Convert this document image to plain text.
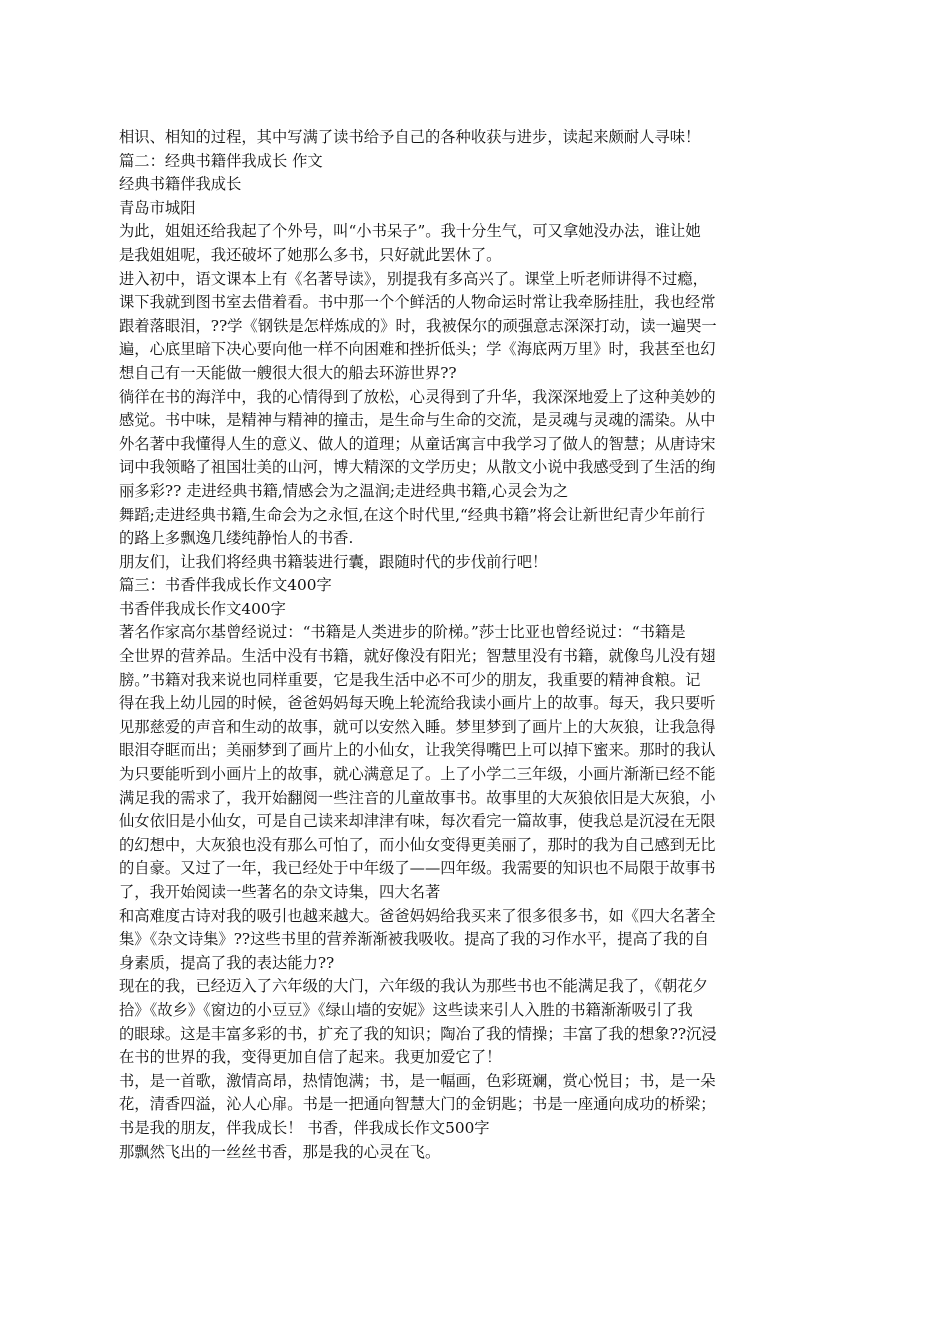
相识、相知的过程，其中写满了读书给予自己的各种收获与进步，读起来颇耐人寻味！

篇二：经典书籍伴我成长 作文

经典书籍伴我成长

青岛市城阳

为此，姐姐还给我起了个外号，叫“小书呆子”。我十分生气，可又拿她没办法，谁让她

是我姐姐呢，我还破坏了她那么多书，只好就此罢休了。

进入初中，语文课本上有《名著导读》，别提我有多高兴了。课堂上听老师讲得不过瘾，

课下我就到图书室去借着看。书中那一个个鲜活的人物命运时常让我牵肠挂肚，我也经常

跟着落眼泪，??学《钢铁是怎样炼成的》时，我被保尔的顽强意志深深打动，读一遍哭一

遍，心底里暗下决心要向他一样不向困难和挫折低头；学《海底两万里》时，我甚至也幻

想自己有一天能做一艘很大很大的船去环游世界??

徜徉在书的海洋中，我的心情得到了放松，心灵得到了升华，我深深地爱上了这种美妙的

感觉。书中味，是精神与精神的撞击，是生命与生命的交流，是灵魂与灵魂的濡染。从中

外名著中我懂得人生的意义、做人的道理；从童话寓言中我学习了做人的智慧；从唐诗宋

词中我领略了祖国壮美的山河，博大精深的文学历史；从散文小说中我感受到了生活的绚

丽多彩?? 走进经典书籍,情感会为之温润;走进经典书籍,心灵会为之

舞蹈;走进经典书籍,生命会为之永恒,在这个时代里,“经典书籍”将会让新世纪青少年前行

的路上多飘逸几缕纯静怡人的书香.

朋友们，让我们将经典书籍装进行囊，跟随时代的步伐前行吧！

篇三：书香伴我成长作文400字

书香伴我成长作文400字

著名作家高尔基曾经说过：“书籍是人类进步的阶梯。”莎士比亚也曾经说过：“书籍是

全世界的营养品。生活中没有书籍，就好像没有阳光；智慧里没有书籍，就像鸟儿没有翅

膀。”书籍对我来说也同样重要，它是我生活中必不可少的朋友，我重要的精神食粮。记

得在我上幼儿园的时候，爸爸妈妈每天晚上轮流给我读小画片上的故事。每天，我只要听

见那慈爱的声音和生动的故事，就可以安然入睡。梦里梦到了画片上的大灰狼，让我急得

眼泪夺眶而出；美丽梦到了画片上的小仙女，让我笑得嘴巴上可以掉下蜜来。那时的我认

为只要能听到小画片上的故事，就心满意足了。上了小学二三年级，小画片渐渐已经不能

满足我的需求了，我开始翻阅一些注音的儿童故事书。故事里的大灰狼依旧是大灰狼，小

仙女依旧是小仙女，可是自己读来却津津有味，每次看完一篇故事，使我总是沉浸在无限

的幻想中，大灰狼也没有那么可怕了，而小仙女变得更美丽了，那时的我为自己感到无比

的自豪。又过了一年，我已经处于中年级了——四年级。我需要的知识也不局限于故事书

了，我开始阅读一些著名的杂文诗集，四大名著

和高难度古诗对我的吸引也越来越大。爸爸妈妈给我买来了很多很多书，如《四大名著全

集》《杂文诗集》??这些书里的营养渐渐被我吸收。提高了我的习作水平，提高了我的自

身素质，提高了我的表达能力??

现在的我，已经迈入了六年级的大门，六年级的我认为那些书也不能满足我了，《朝花夕

拾》《故乡》《窗边的小豆豆》《绿山墙的安妮》这些读来引人入胜的书籍渐渐吸引了我

的眼球。这是丰富多彩的书，扩充了我的知识；陶冶了我的情操；丰富了我的想象??沉浸

在书的世界的我，变得更加自信了起来。我更加爱它了！

书，是一首歌，激情高昂，热情饱满；书，是一幅画，色彩斑斓，赏心悦目；书，是一朵

花，清香四溢，沁人心扉。书是一把通向智慧大门的金钥匙；书是一座通向成功的桥梁；

书是我的朋友，伴我成长！ 书香，伴我成长作文500字

那飘然飞出的一丝丝书香，那是我的心灵在飞。
